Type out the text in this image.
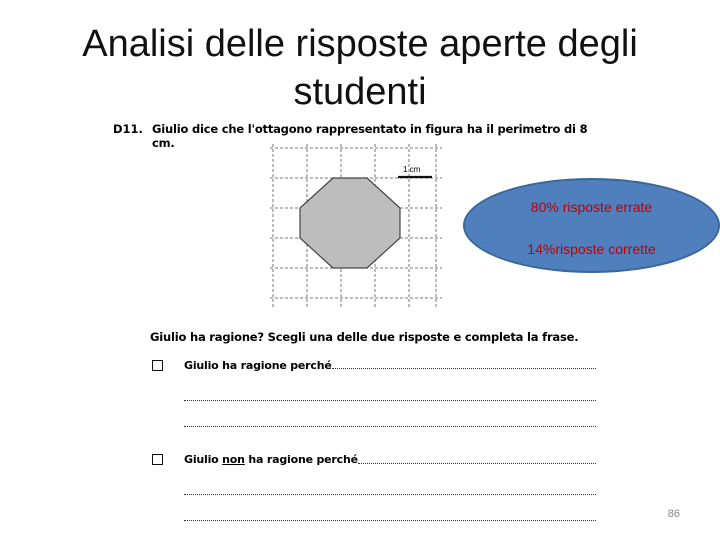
Analisi delle risposte aperte degli
studenti
D11. Giulio dice che l'ottagono rappresentato in figura ha il perimetro di 8 cm.
1 cm
Giulio ha ragione? Scegli una delle due risposte e completa la frase.
Giulio ha ragione perché
Giulio non ha ragione perché
80% risposte errate
14%risposte corrette
86
